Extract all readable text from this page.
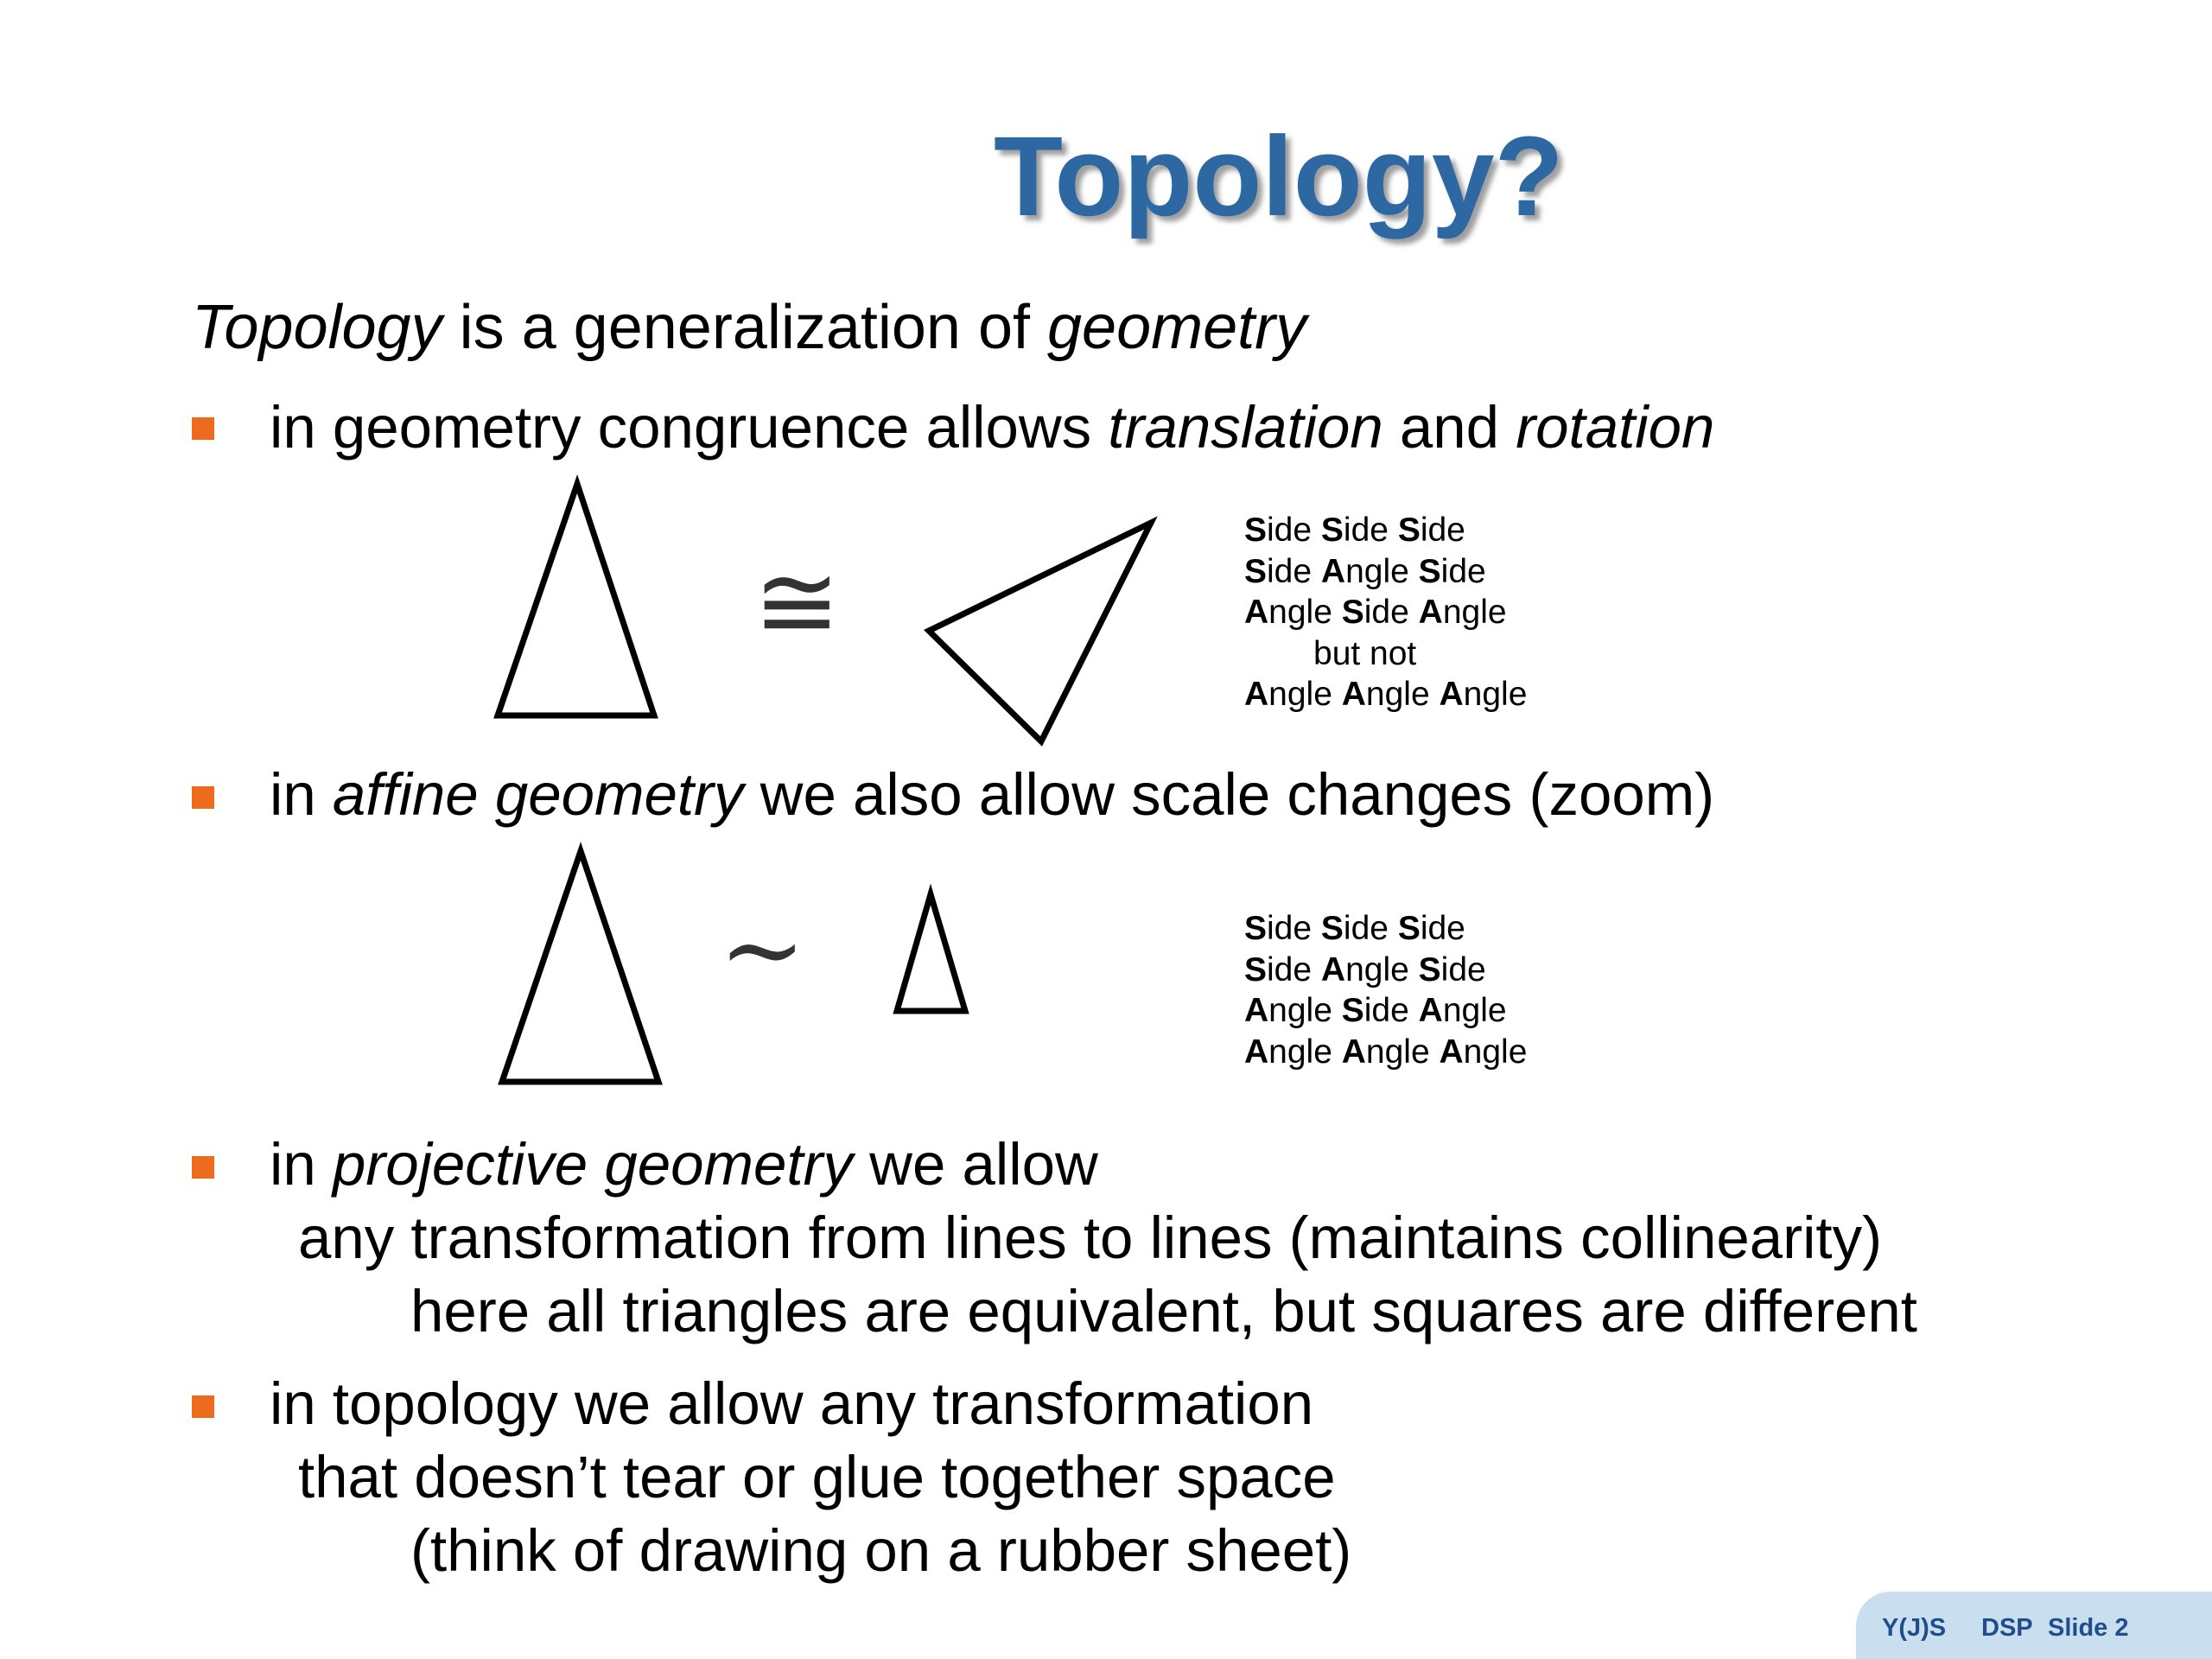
Topology?
Topology is a generalization of geometry
in geometry congruence allows translation and rotation
≅
Side Side Side
Side Angle Side
Angle Side Angle
but not
Angle Angle Angle
in affine geometry we also allow scale changes (zoom)
∼	Side Side Side
Side Angle Side
Angle Side Angle
Angle Angle Angle
in projective geometry we allow
any transformation from lines to lines (maintains collinearity)
here all triangles are equivalent, but squares are different
in topology we allow any transformation
that doesn’t tear or glue together space
(think of drawing on a rubber sheet)
Y(J)S DSP Slide 2
